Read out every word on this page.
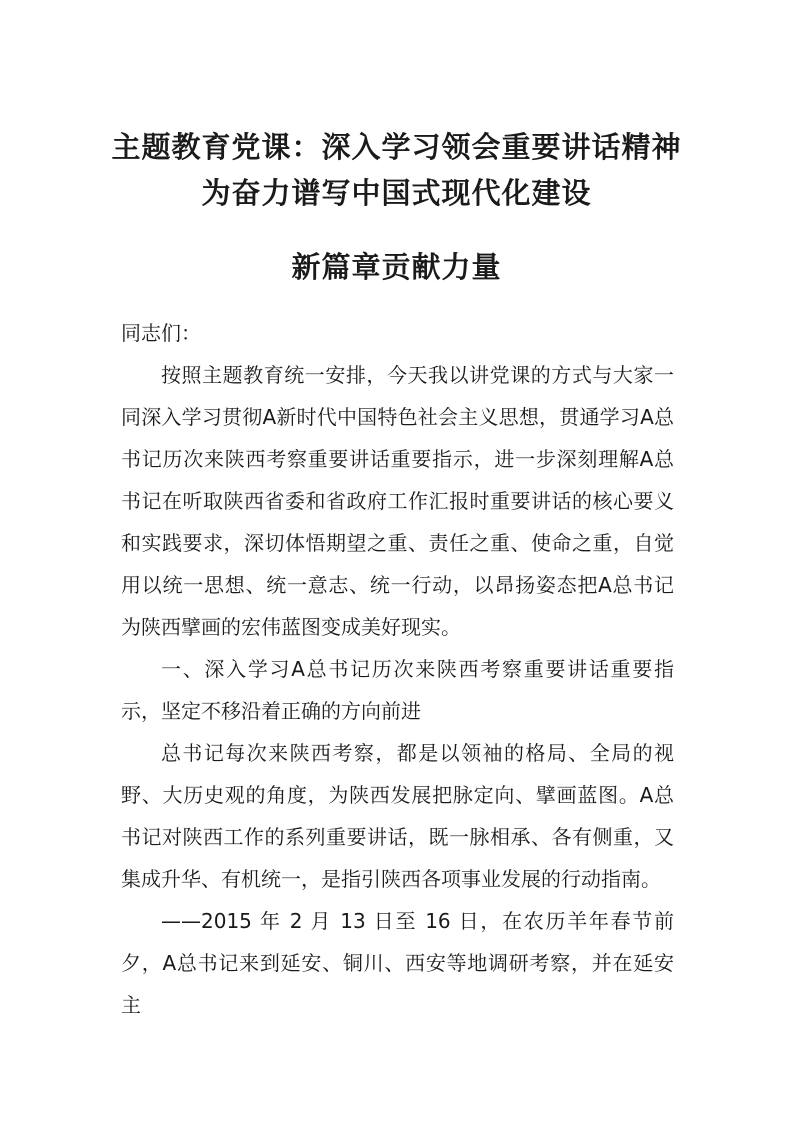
主题教育党课：深入学习领会重要讲话精神
为奋力谱写中国式现代化建设
新篇章贡献力量

同志们：

按照主题教育统一安排，今天我以讲党课的方式与大家一同深入学习贯彻A新时代中国特色社会主义思想，贯通学习A总书记历次来陕西考察重要讲话重要指示，进一步深刻理解A总书记在听取陕西省委和省政府工作汇报时重要讲话的核心要义和实践要求，深切体悟期望之重、责任之重、使命之重，自觉用以统一思想、统一意志、统一行动，以昂扬姿态把A总书记为陕西擘画的宏伟蓝图变成美好现实。

一、深入学习A总书记历次来陕西考察重要讲话重要指示，坚定不移沿着正确的方向前进

总书记每次来陕西考察，都是以领袖的格局、全局的视野、大历史观的角度，为陕西发展把脉定向、擘画蓝图。A总书记对陕西工作的系列重要讲话，既一脉相承、各有侧重，又集成升华、有机统一，是指引陕西各项事业发展的行动指南。

——2015 年 2 月 13 日至 16 日，在农历羊年春节前夕，A总书记来到延安、铜川、西安等地调研考察，并在延安主
